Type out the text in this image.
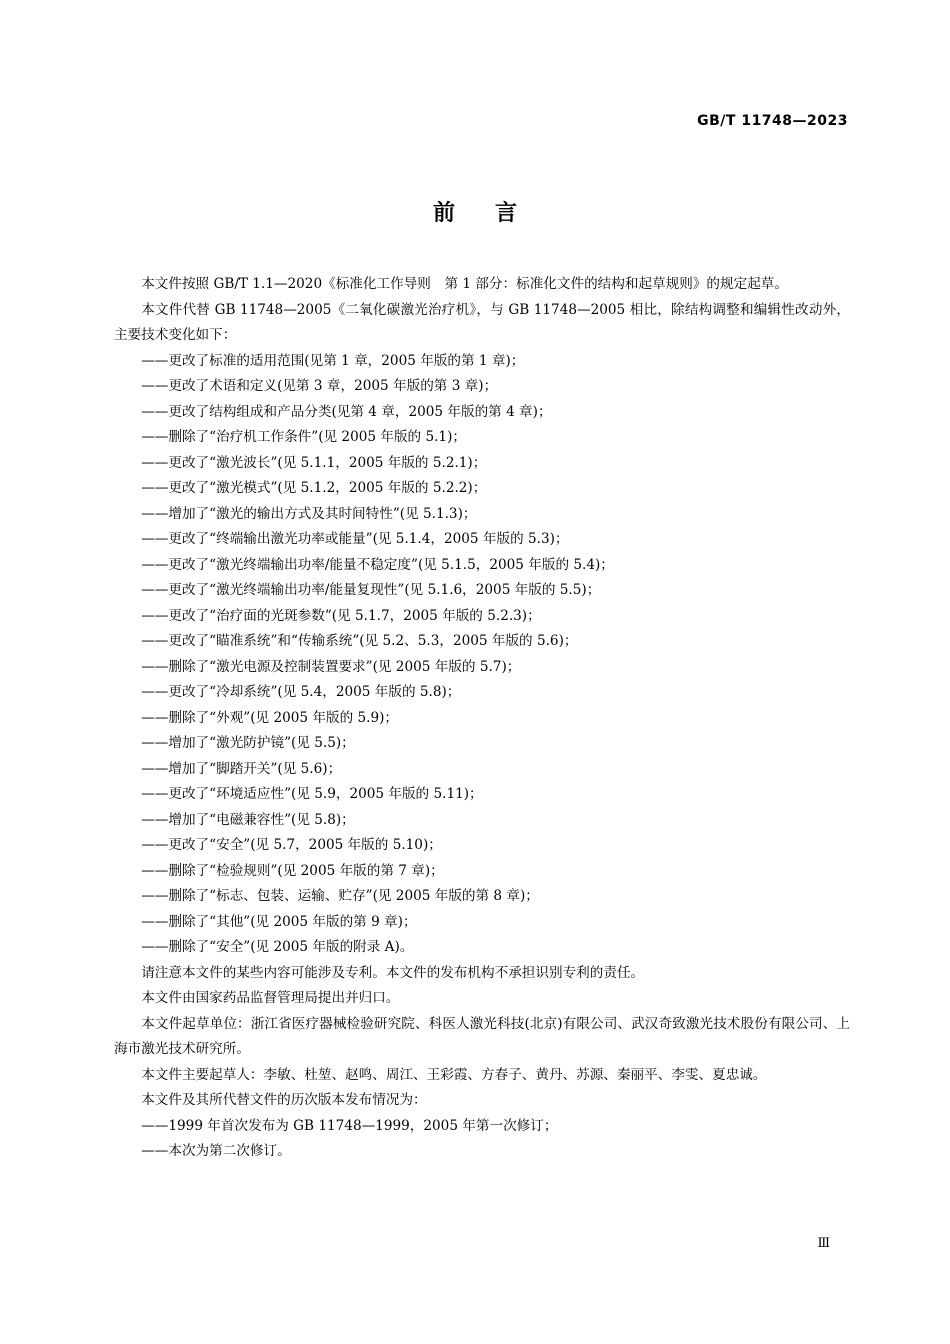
GB/T 11748—2023
前言

本文件按照 GB/T 1.1—2020《标准化工作导则　第 1 部分：标准化文件的结构和起草规则》的规定起草。

本文件代替 GB 11748—2005《二氧化碳激光治疗机》，与 GB 11748—2005 相比，除结构调整和编辑性改动外，主要技术变化如下：

——更改了标准的适用范围(见第 1 章，2005 年版的第 1 章)；

——更改了术语和定义(见第 3 章，2005 年版的第 3 章)；

——更改了结构组成和产品分类(见第 4 章，2005 年版的第 4 章)；

——删除了“治疗机工作条件”(见 2005 年版的 5.1)；

——更改了“激光波长”(见 5.1.1，2005 年版的 5.2.1)；

——更改了“激光模式”(见 5.1.2，2005 年版的 5.2.2)；

——增加了“激光的输出方式及其时间特性”(见 5.1.3)；

——更改了“终端输出激光功率或能量”(见 5.1.4，2005 年版的 5.3)；

——更改了“激光终端输出功率/能量不稳定度”(见 5.1.5，2005 年版的 5.4)；

——更改了“激光终端输出功率/能量复现性”(见 5.1.6，2005 年版的 5.5)；

——更改了“治疗面的光斑参数”(见 5.1.7，2005 年版的 5.2.3)；

——更改了“瞄准系统”和“传输系统”(见 5.2、5.3，2005 年版的 5.6)；

——删除了“激光电源及控制装置要求”(见 2005 年版的 5.7)；

——更改了“冷却系统”(见 5.4，2005 年版的 5.8)；

——删除了“外观”(见 2005 年版的 5.9)；

——增加了“激光防护镜”(见 5.5)；

——增加了“脚踏开关”(见 5.6)；

——更改了“环境适应性”(见 5.9，2005 年版的 5.11)；

——增加了“电磁兼容性”(见 5.8)；

——更改了“安全”(见 5.7，2005 年版的 5.10)；

——删除了“检验规则”(见 2005 年版的第 7 章)；

——删除了“标志、包装、运输、贮存”(见 2005 年版的第 8 章)；

——删除了“其他”(见 2005 年版的第 9 章)；

——删除了“安全”(见 2005 年版的附录 A)。

请注意本文件的某些内容可能涉及专利。本文件的发布机构不承担识别专利的责任。

本文件由国家药品监督管理局提出并归口。

本文件起草单位：浙江省医疗器械检验研究院、科医人激光科技(北京)有限公司、武汉奇致激光技术股份有限公司、上海市激光技术研究所。

本文件主要起草人：李敏、杜堃、赵鸣、周江、王彩霞、方春子、黄丹、苏源、秦丽平、李雯、夏忠诚。

本文件及其所代替文件的历次版本发布情况为：

——1999 年首次发布为 GB 11748—1999，2005 年第一次修订；

——本次为第二次修订。

Ⅲ
